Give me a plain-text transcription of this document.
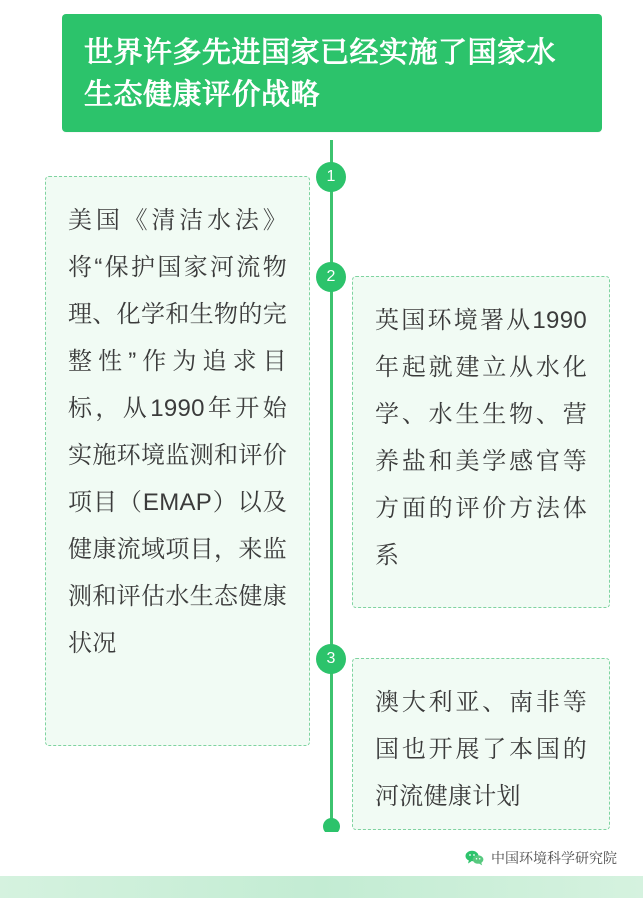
世界许多先进国家已经实施了国家水生态健康评价战略
1
2
3
美国《清洁水法》将“保护国家河流物理、化学和生物的完整性”作为追求目标，从1990年开始实施环境监测和评价项目（EMAP）以及健康流域项目，来监测和评估水生态健康状况
英国环境署从1990年起就建立从水化学、水生生物、营养盐和美学感官等方面的评价方法体系
澳大利亚、南非等国也开展了本国的河流健康计划
中国环境科学研究院
